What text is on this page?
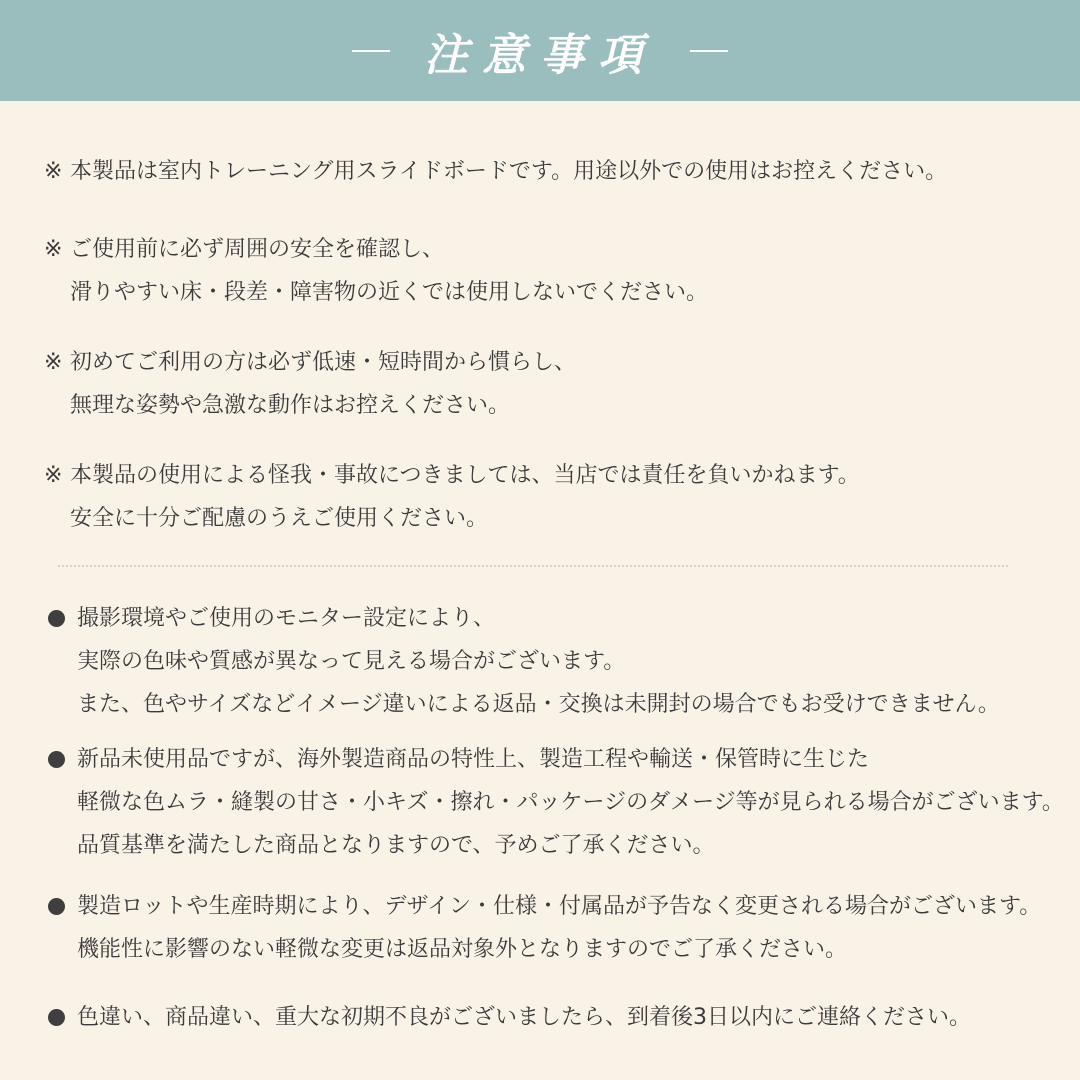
注意事項
※ 本製品は室内トレーニング用スライドボードです。用途以外での使用はお控えください。
※ ご使用前に必ず周囲の安全を確認し、
滑りやすい床・段差・障害物の近くでは使用しないでください。
※ 初めてご利用の方は必ず低速・短時間から慣らし、
無理な姿勢や急激な動作はお控えください。
※ 本製品の使用による怪我・事故につきましては、当店では責任を負いかねます。
安全に十分ご配慮のうえご使用ください。
撮影環境やご使用のモニター設定により、
実際の色味や質感が異なって見える場合がございます。
また、色やサイズなどイメージ違いによる返品・交換は未開封の場合でもお受けできません。
新品未使用品ですが、海外製造商品の特性上、製造工程や輸送・保管時に生じた
軽微な色ムラ・縫製の甘さ・小キズ・擦れ・パッケージのダメージ等が見られる場合がございます。
品質基準を満たした商品となりますので、予めご了承ください。
製造ロットや生産時期により、デザイン・仕様・付属品が予告なく変更される場合がございます。
機能性に影響のない軽微な変更は返品対象外となりますのでご了承ください。
色違い、商品違い、重大な初期不良がございましたら、到着後3日以内にご連絡ください。
